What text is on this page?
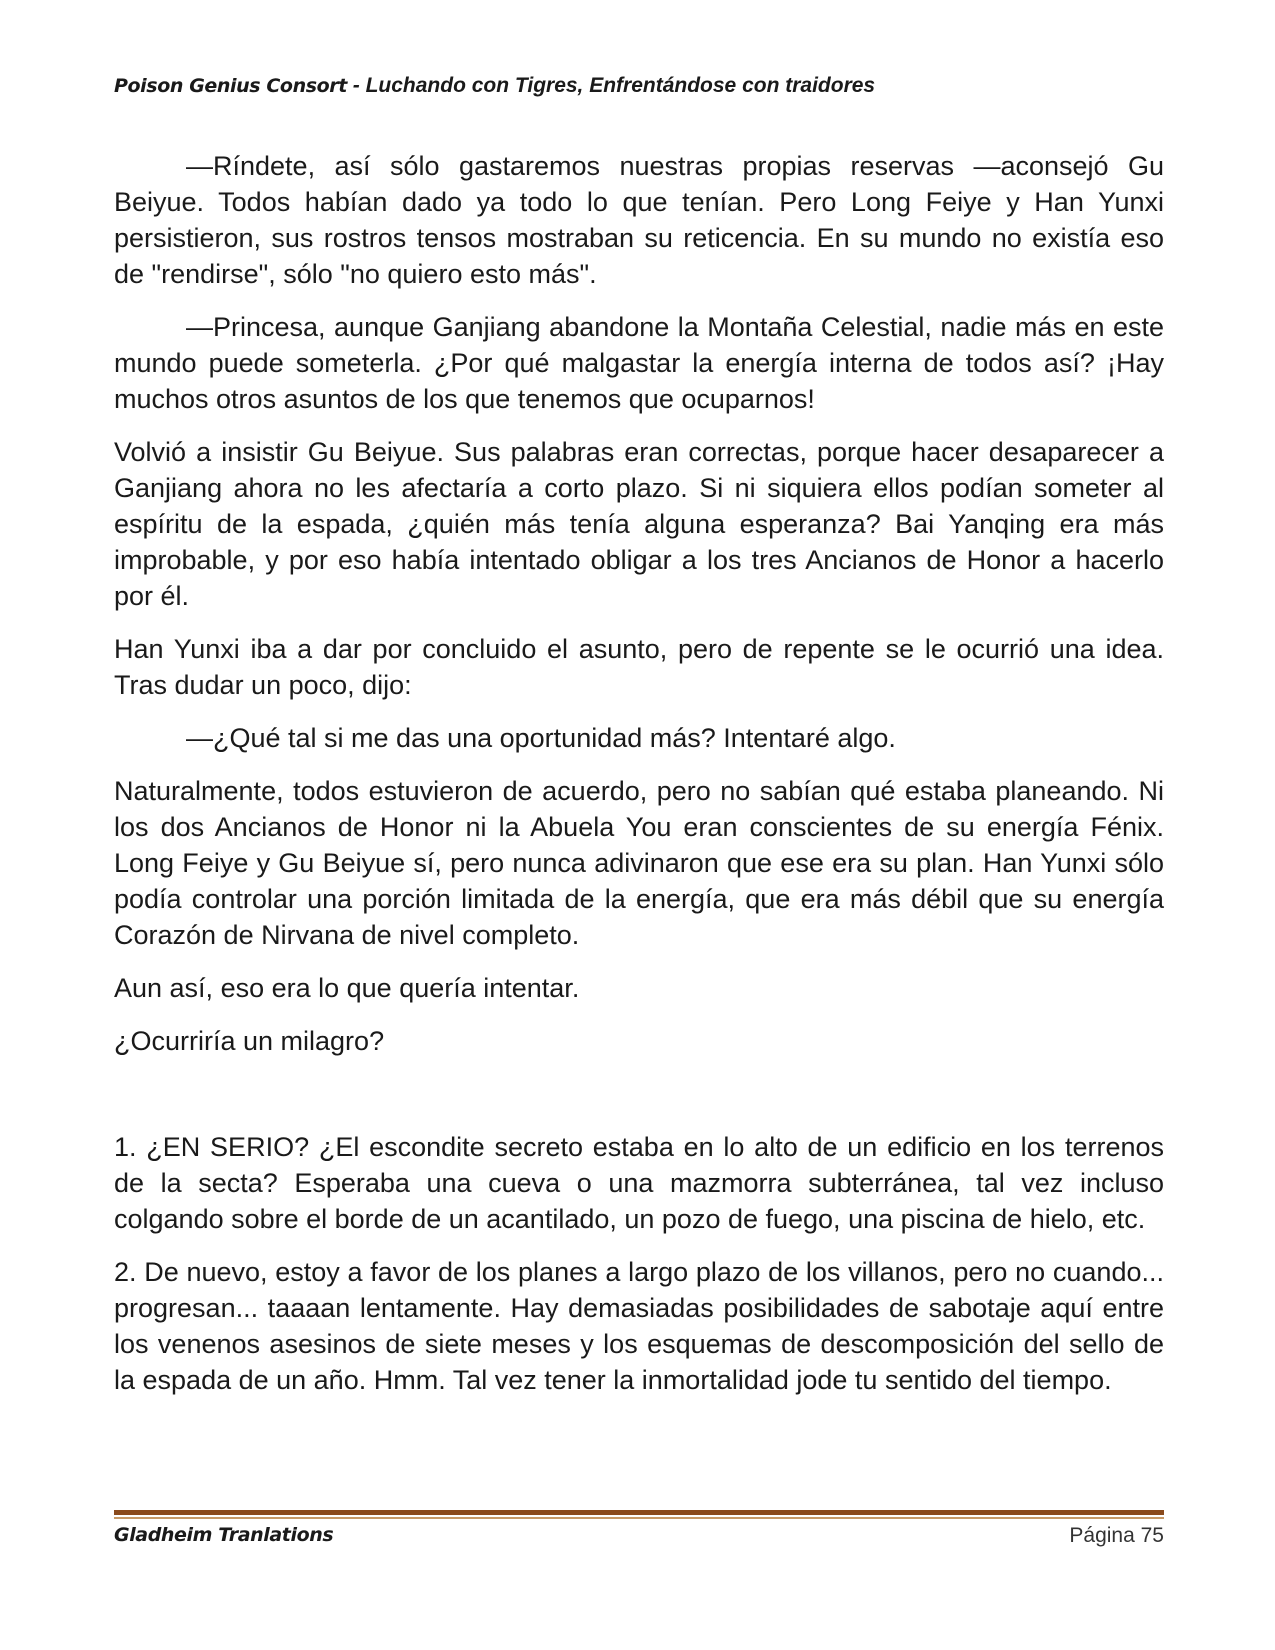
Poison Genius Consort - Luchando con Tigres, Enfrentándose con traidores

—Ríndete, así sólo gastaremos nuestras propias reservas —aconsejó Gu Beiyue. Todos habían dado ya todo lo que tenían. Pero Long Feiye y Han Yunxi persistieron, sus rostros tensos mostraban su reticencia. En su mundo no existía eso de "rendirse", sólo "no quiero esto más".

—Princesa, aunque Ganjiang abandone la Montaña Celestial, nadie más en este mundo puede someterla. ¿Por qué malgastar la energía interna de todos así? ¡Hay muchos otros asuntos de los que tenemos que ocuparnos!

Volvió a insistir Gu Beiyue. Sus palabras eran correctas, porque hacer desaparecer a Ganjiang ahora no les afectaría a corto plazo. Si ni siquiera ellos podían someter al espíritu de la espada, ¿quién más tenía alguna esperanza? Bai Yanqing era más improbable, y por eso había intentado obligar a los tres Ancianos de Honor a hacerlo por él.

Han Yunxi iba a dar por concluido el asunto, pero de repente se le ocurrió una idea. Tras dudar un poco, dijo:

—¿Qué tal si me das una oportunidad más? Intentaré algo.

Naturalmente, todos estuvieron de acuerdo, pero no sabían qué estaba planeando. Ni los dos Ancianos de Honor ni la Abuela You eran conscientes de su energía Fénix. Long Feiye y Gu Beiyue sí, pero nunca adivinaron que ese era su plan. Han Yunxi sólo podía controlar una porción limitada de la energía, que era más débil que su energía Corazón de Nirvana de nivel completo.

Aun así, eso era lo que quería intentar.

¿Ocurriría un milagro?

1. ¿EN SERIO? ¿El escondite secreto estaba en lo alto de un edificio en los terrenos de la secta? Esperaba una cueva o una mazmorra subterránea, tal vez incluso colgando sobre el borde de un acantilado, un pozo de fuego, una piscina de hielo, etc.

2. De nuevo, estoy a favor de los planes a largo plazo de los villanos, pero no cuando... progresan... taaaan lentamente. Hay demasiadas posibilidades de sabotaje aquí entre los venenos asesinos de siete meses y los esquemas de descomposición del sello de la espada de un año. Hmm. Tal vez tener la inmortalidad jode tu sentido del tiempo.

Gladheim Tranlations	Página 75
